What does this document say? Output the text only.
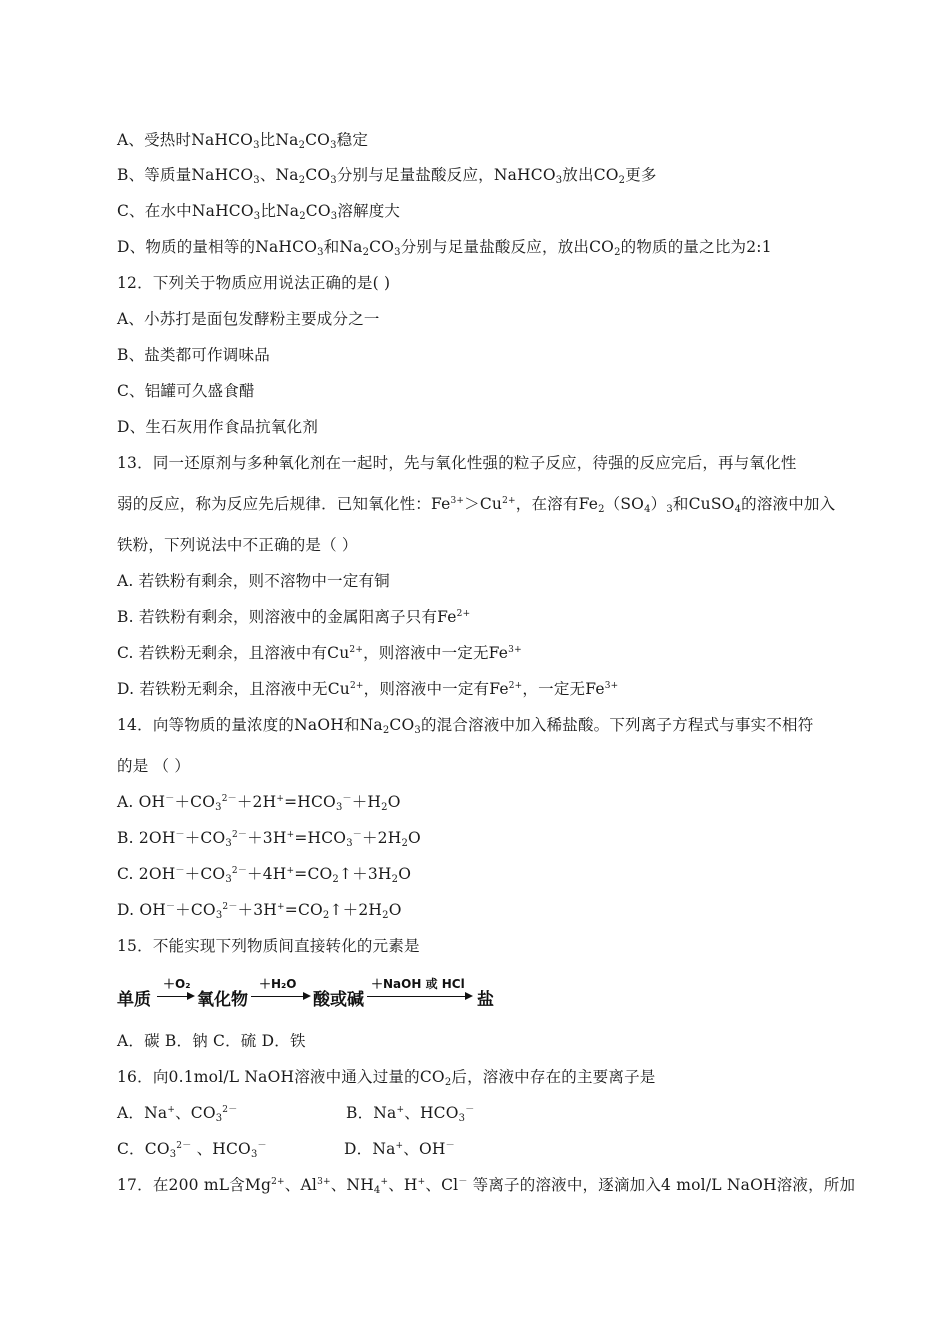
A、受热时NaHCO$_3$比$Na_2CO_3$稳定
B、等质量NaHCO$_3$、$Na_2CO_3$分别与足量盐酸反应，NaHCO$_3$放出$CO_2$更多
C、在水中NaHCO$_3$比$Na_2CO_3$溶解度大
D、物质的量相等的NaHCO$_3$和$Na_2CO_3$分别与足量盐酸反应，放出$CO_2$的物质的量之比为2:1
12．下列关于物质应用说法正确的是( )
A、小苏打是面包发酵粉主要成分之一
B、盐类都可作调味品
C、铝罐可久盛食醋
D、生石灰用作食品抗氧化剂
13．同一还原剂与多种氧化剂在一起时，先与氧化性强的粒子反应，待强的反应完后，再与氧化性
弱的反应，称为反应先后规律．已知氧化性：$Fe^{3+}>Cu^{2+}$，在溶有$Fe_2(SO_4)_3$和CuSO$_4$的溶液中加入
铁粉，下列说法中不正确的是（ ）
A. 若铁粉有剩余，则不溶物中一定有铜
B. 若铁粉有剩余，则溶液中的金属阳离子只有$Fe^{2+}$
C. 若铁粉无剩余，且溶液中有$Cu^{2+}$，则溶液中一定无$Fe^{3+}$
D. 若铁粉无剩余，且溶液中无$Cu^{2+}$，则溶液中一定有$Fe^{2+}$，一定无$Fe^{3+}$
14．向等物质的量浓度的NaOH和$Na_2CO_3$的混合溶液中加入稀盐酸。下列离子方程式与事实不相符
的是 （ ）
A. $OH^-+CO_3^{2-}+2H^+=HCO_3^-+H_2O$
B. $2OH^-+CO_3^{2-}+3H^+=HCO_3^-+2H_2O$
C. $2OH^-+CO_3^{2-}+4H^+=CO_2↑+3H_2O$
D. $OH^-+CO_3^{2-}+3H^+=CO_2↑+2H_2O$
15．不能实现下列物质间直接转化的元素是
单质
＋O₂
氧化物
＋H₂O
酸或碱
＋NaOH 或 HCl
盐
A．碳 B．钠 C．硫 D．铁
16．向0.1mol/L NaOH溶液中通入过量的$CO_2$后，溶液中存在的主要离子是
A．Na+、$CO_3^{2-}$	B．Na+、$HCO_3^-$
C．$CO_3^{2-}$ 、$HCO_3^-$	D．Na+、OH－
17．在200 mL含$Mg^{2+}$、$Al^{3+}$、$NH_4^+$、H+、Cl－ 等离子的溶液中，逐滴加入4 mol/L NaOH溶液，所加
